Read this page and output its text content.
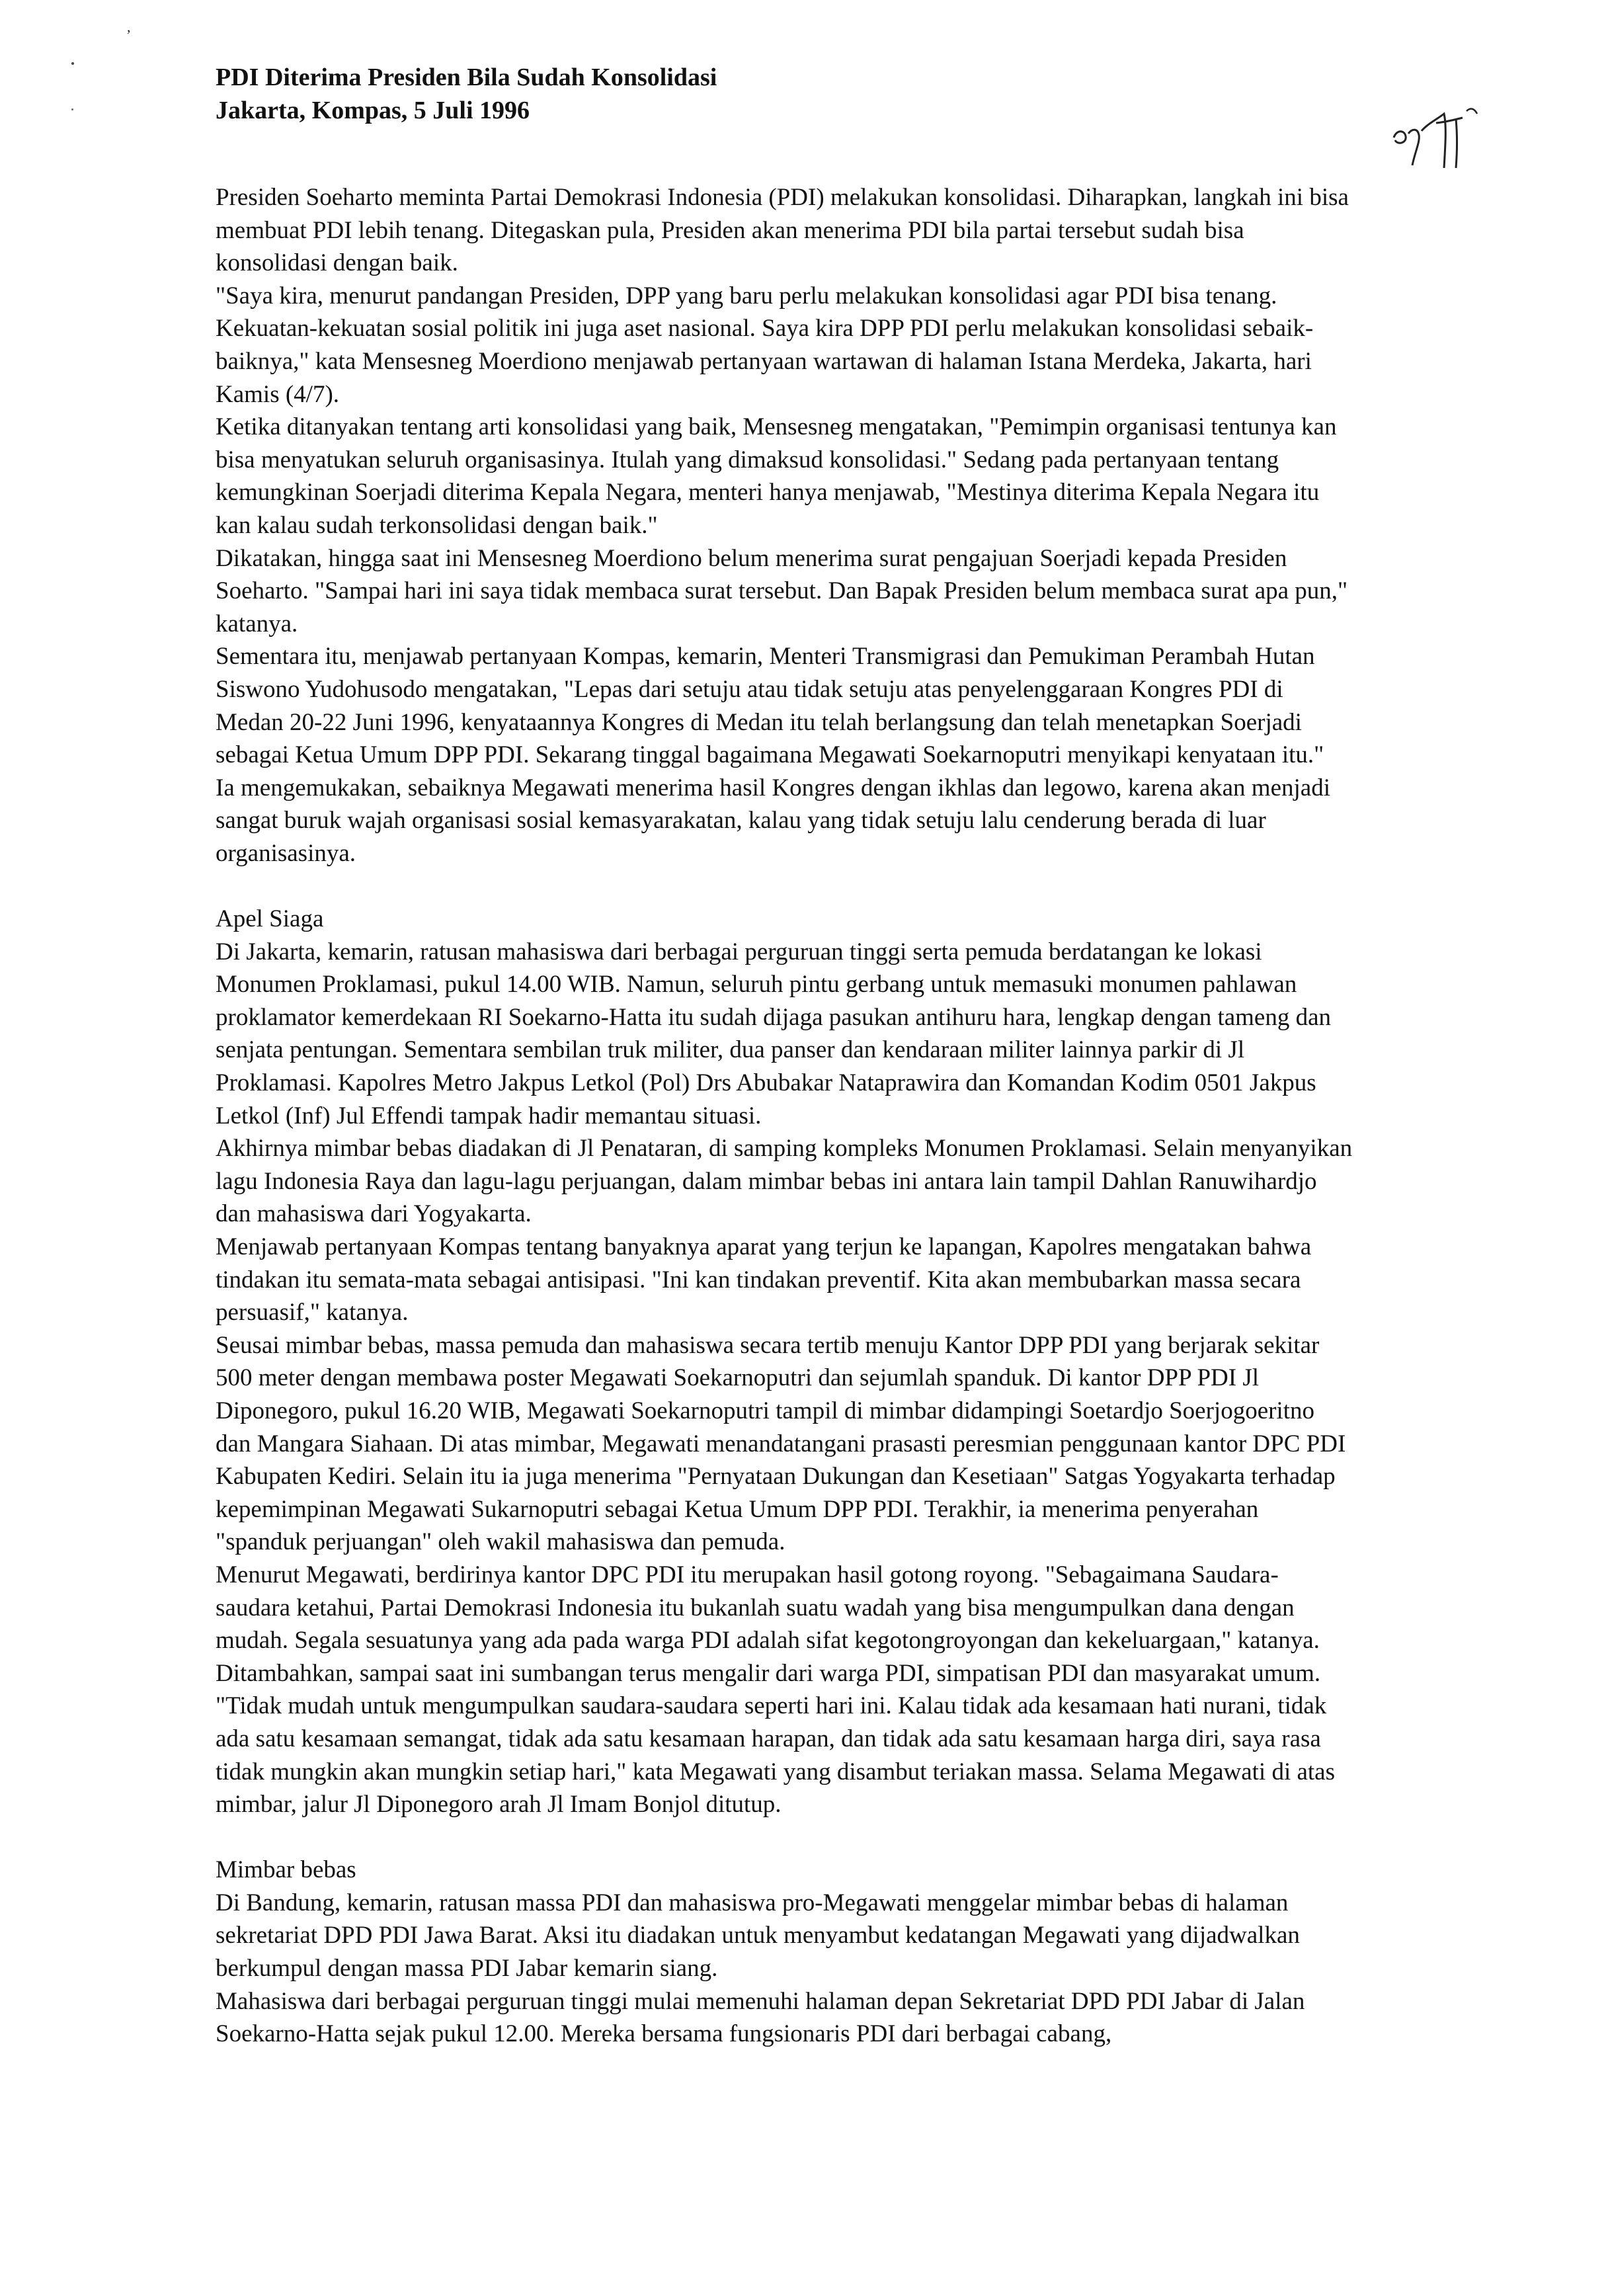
,

PDI Diterima Presiden Bila Sudah Konsolidasi

Jakarta, Kompas, 5 Juli 1996

Presiden Soeharto meminta Partai Demokrasi Indonesia (PDI) melakukan konsolidasi. Diharapkan, langkah ini bisa membuat PDI lebih tenang. Ditegaskan pula, Presiden akan menerima PDI bila partai tersebut sudah bisa konsolidasi dengan baik.

"Saya kira, menurut pandangan Presiden, DPP yang baru perlu melakukan konsolidasi agar PDI bisa tenang. Kekuatan-kekuatan sosial politik ini juga aset nasional. Saya kira DPP PDI perlu melakukan konsolidasi sebaik-baiknya," kata Mensesneg Moerdiono menjawab pertanyaan wartawan di halaman Istana Merdeka, Jakarta, hari Kamis (4/7).

Ketika ditanyakan tentang arti konsolidasi yang baik, Mensesneg mengatakan, "Pemimpin organisasi tentunya kan bisa menyatukan seluruh organisasinya. Itulah yang dimaksud konsolidasi." Sedang pada pertanyaan tentang kemungkinan Soerjadi diterima Kepala Negara, menteri hanya menjawab, "Mestinya diterima Kepala Negara itu kan kalau sudah terkonsolidasi dengan baik."

Dikatakan, hingga saat ini Mensesneg Moerdiono belum menerima surat pengajuan Soerjadi kepada Presiden Soeharto. "Sampai hari ini saya tidak membaca surat tersebut. Dan Bapak Presiden belum membaca surat apa pun," katanya.

Sementara itu, menjawab pertanyaan Kompas, kemarin, Menteri Transmigrasi dan Pemukiman Perambah Hutan Siswono Yudohusodo mengatakan, "Lepas dari setuju atau tidak setuju atas penyelenggaraan Kongres PDI di Medan 20-22 Juni 1996, kenyataannya Kongres di Medan itu telah berlangsung dan telah menetapkan Soerjadi sebagai Ketua Umum DPP PDI. Sekarang tinggal bagaimana Megawati Soekarnoputri menyikapi kenyataan itu."

Ia mengemukakan, sebaiknya Megawati menerima hasil Kongres dengan ikhlas dan legowo, karena akan menjadi sangat buruk wajah organisasi sosial kemasyarakatan, kalau yang tidak setuju lalu cenderung berada di luar organisasinya.

Apel Siaga

Di Jakarta, kemarin, ratusan mahasiswa dari berbagai perguruan tinggi serta pemuda berdatangan ke lokasi Monumen Proklamasi, pukul 14.00 WIB. Namun, seluruh pintu gerbang untuk memasuki monumen pahlawan proklamator kemerdekaan RI Soekarno-Hatta itu sudah dijaga pasukan antihuru hara, lengkap dengan tameng dan senjata pentungan. Sementara sembilan truk militer, dua panser dan kendaraan militer lainnya parkir di Jl Proklamasi. Kapolres Metro Jakpus Letkol (Pol) Drs Abubakar Nataprawira dan Komandan Kodim 0501 Jakpus Letkol (Inf) Jul Effendi tampak hadir memantau situasi.

Akhirnya mimbar bebas diadakan di Jl Penataran, di samping kompleks Monumen Proklamasi. Selain menyanyikan lagu Indonesia Raya dan lagu-lagu perjuangan, dalam mimbar bebas ini antara lain tampil Dahlan Ranuwihardjo dan mahasiswa dari Yogyakarta.

Menjawab pertanyaan Kompas tentang banyaknya aparat yang terjun ke lapangan, Kapolres mengatakan bahwa tindakan itu semata-mata sebagai antisipasi. "Ini kan tindakan preventif. Kita akan membubarkan massa secara persuasif," katanya.

Seusai mimbar bebas, massa pemuda dan mahasiswa secara tertib menuju Kantor DPP PDI yang berjarak sekitar 500 meter dengan membawa poster Megawati Soekarnoputri dan sejumlah spanduk. Di kantor DPP PDI Jl Diponegoro, pukul 16.20 WIB, Megawati Soekarnoputri tampil di mimbar didampingi Soetardjo Soerjogoeritno dan Mangara Siahaan. Di atas mimbar, Megawati menandatangani prasasti peresmian penggunaan kantor DPC PDI Kabupaten Kediri. Selain itu ia juga menerima "Pernyataan Dukungan dan Kesetiaan" Satgas Yogyakarta terhadap kepemimpinan Megawati Sukarnoputri sebagai Ketua Umum DPP PDI. Terakhir, ia menerima penyerahan "spanduk perjuangan" oleh wakil mahasiswa dan pemuda.

Menurut Megawati, berdirinya kantor DPC PDI itu merupakan hasil gotong royong. "Sebagaimana Saudara-saudara ketahui, Partai Demokrasi Indonesia itu bukanlah suatu wadah yang bisa mengumpulkan dana dengan mudah. Segala sesuatunya yang ada pada warga PDI adalah sifat kegotongroyongan dan kekeluargaan," katanya. Ditambahkan, sampai saat ini sumbangan terus mengalir dari warga PDI, simpatisan PDI dan masyarakat umum.

"Tidak mudah untuk mengumpulkan saudara-saudara seperti hari ini. Kalau tidak ada kesamaan hati nurani, tidak ada satu kesamaan semangat, tidak ada satu kesamaan harapan, dan tidak ada satu kesamaan harga diri, saya rasa tidak mungkin akan mungkin setiap hari," kata Megawati yang disambut teriakan massa. Selama Megawati di atas mimbar, jalur Jl Diponegoro arah Jl Imam Bonjol ditutup.

Mimbar bebas

Di Bandung, kemarin, ratusan massa PDI dan mahasiswa pro-Megawati menggelar mimbar bebas di halaman sekretariat DPD PDI Jawa Barat. Aksi itu diadakan untuk menyambut kedatangan Megawati yang dijadwalkan berkumpul dengan massa PDI Jabar kemarin siang.

Mahasiswa dari berbagai perguruan tinggi mulai memenuhi halaman depan Sekretariat DPD PDI Jabar di Jalan Soekarno-Hatta sejak pukul 12.00. Mereka bersama fungsionaris PDI dari berbagai cabang,
